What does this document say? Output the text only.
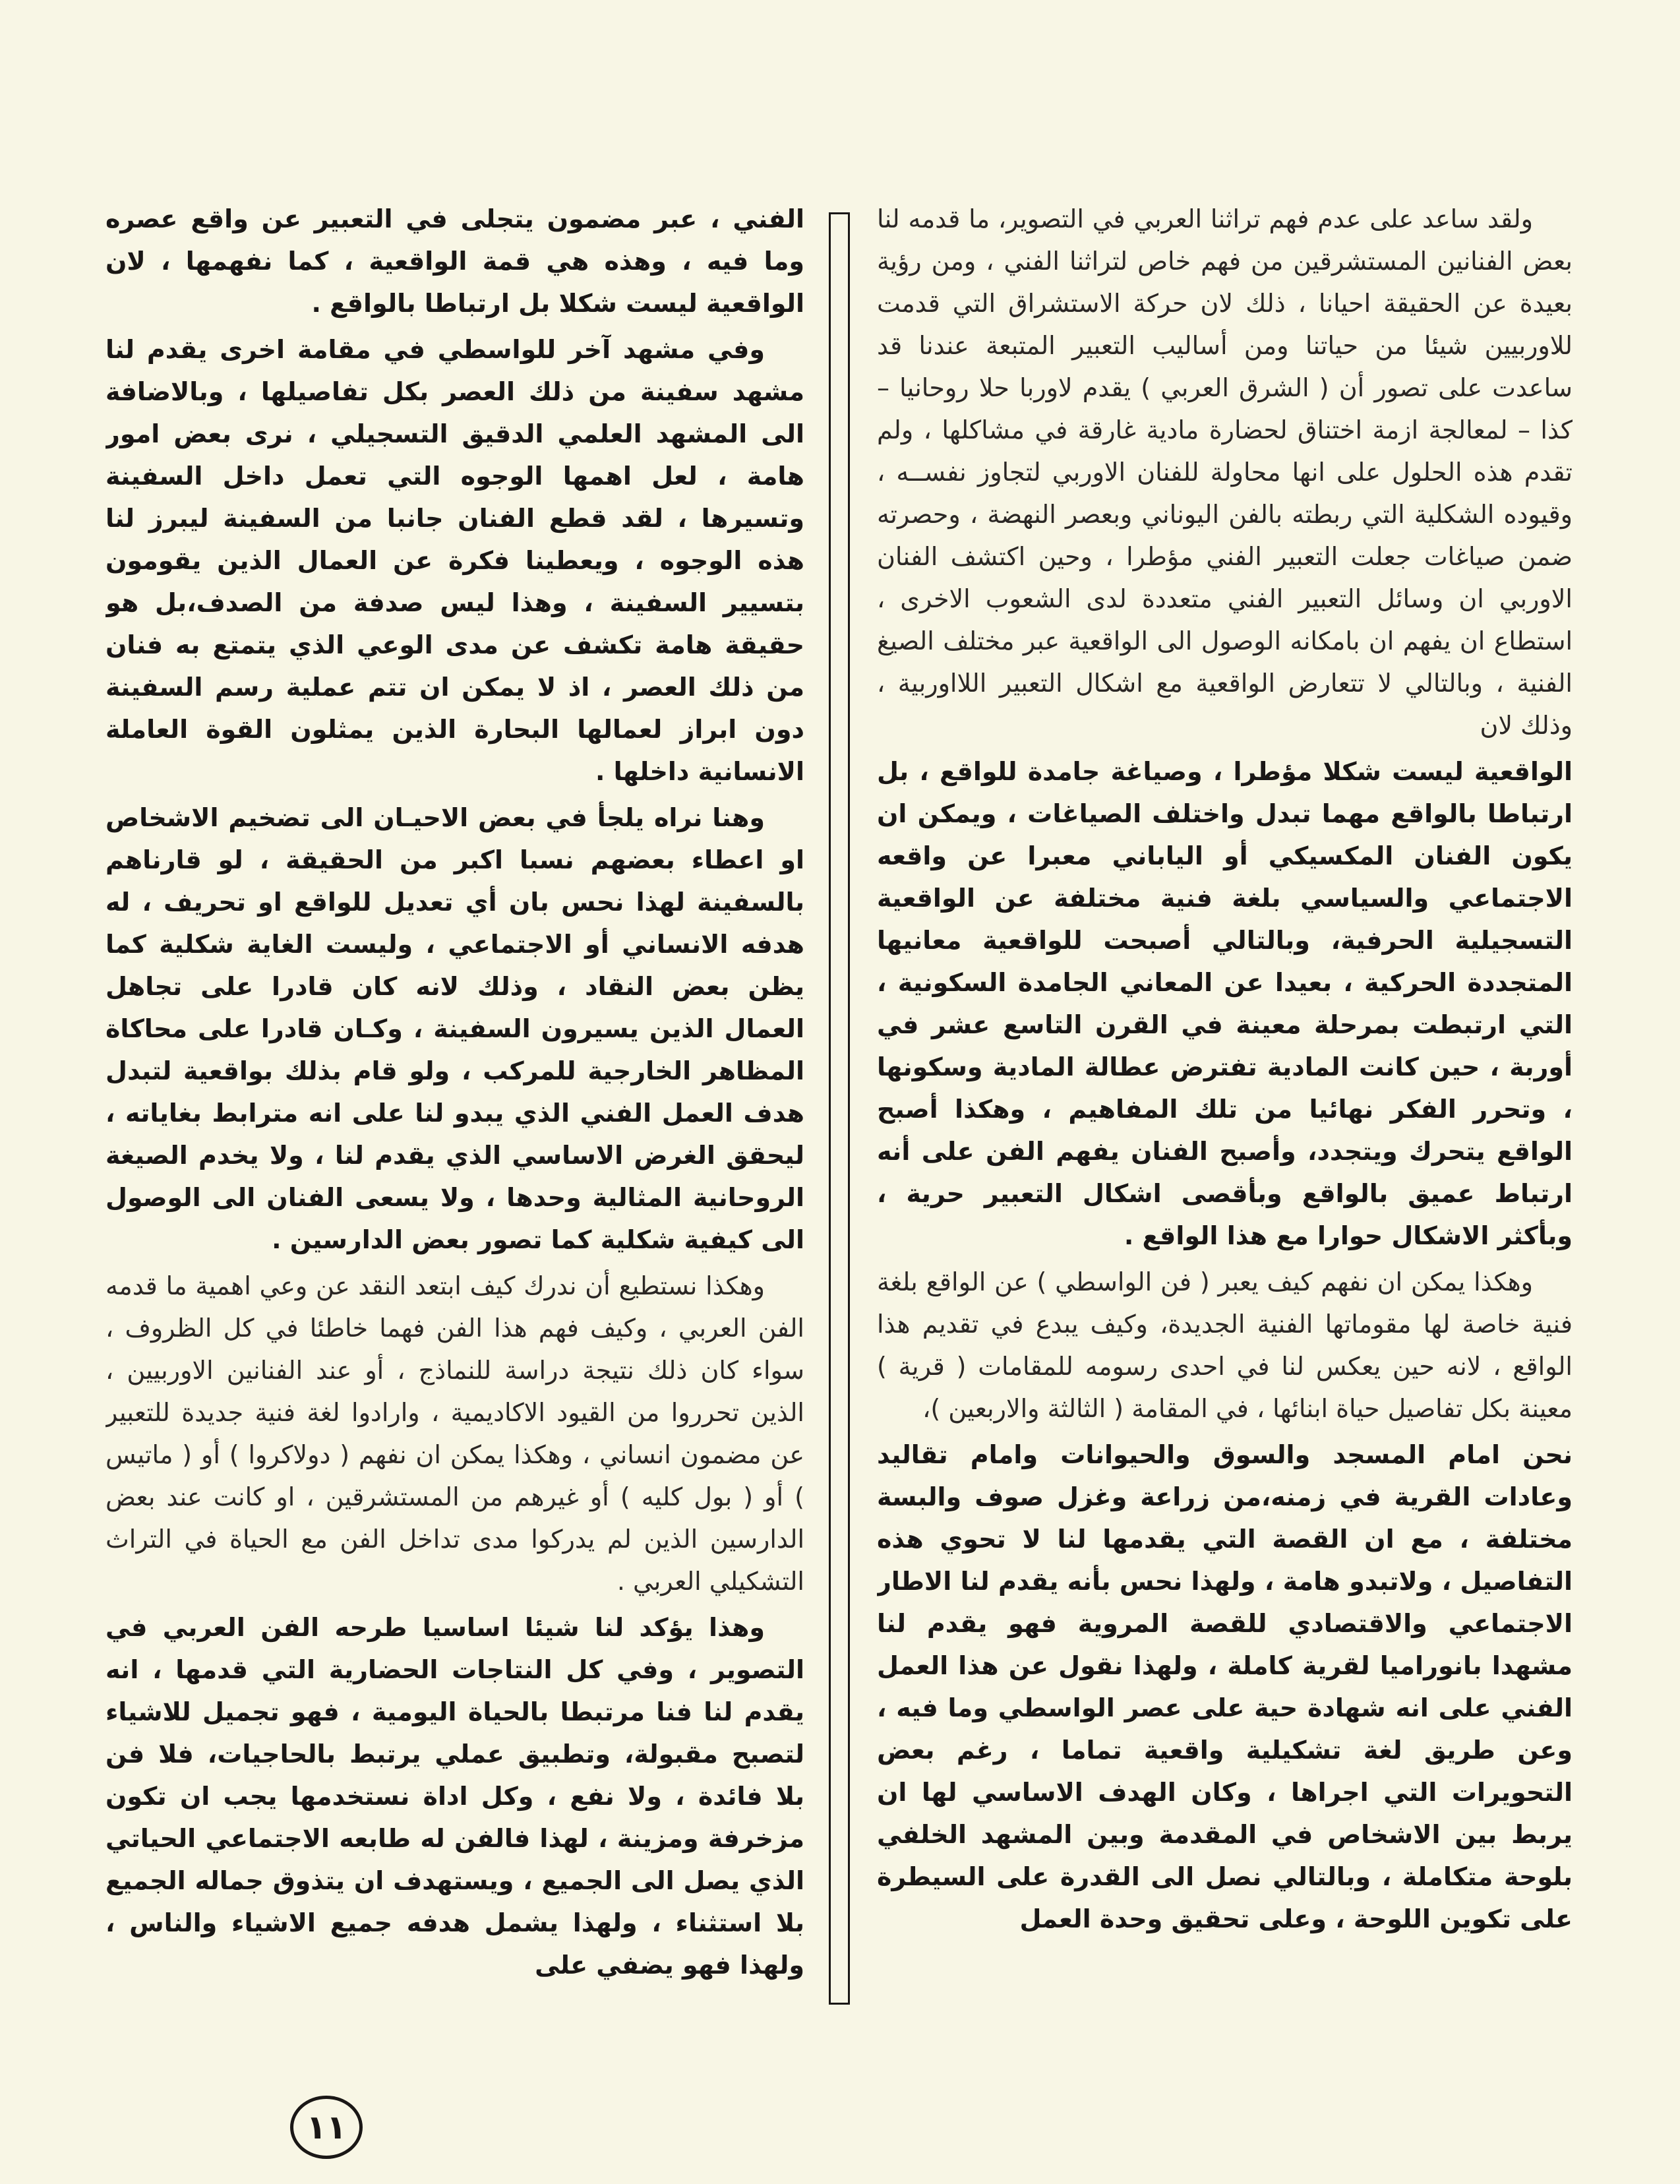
ولقد ساعد على عدم فهم تراثنا العربي في التصوير، ما قدمه لنا بعض الفنانين المستشرقين من فهم خاص لتراثنا الفني ، ومن رؤية بعيدة عن الحقيقة احيانا ، ذلك لان حركة الاستشراق التي قدمت للاوربيين شيئا من حياتنا ومن أساليب التعبير المتبعة عندنا قد ساعدت على تصور أن ( الشرق العربي ) يقدم لاوربا حلا روحانيا – كذا – لمعالجة ازمة اختناق لحضارة مادية غارقة في مشاكلها ، ولم تقدم هذه الحلول على انها محاولة للفنان الاوربي لتجاوز نفســه ، وقيوده الشكلية التي ربطته بالفن اليوناني وبعصر النهضة ، وحصرته ضمن صياغات جعلت التعبير الفني مؤطرا ، وحين اكتشف الفنان الاوربي ان وسائل التعبير الفني متعددة لدى الشعوب الاخرى ، استطاع ان يفهم ان بامكانه الوصول الى الواقعية عبر مختلف الصيغ الفنية ، وبالتالي لا تتعارض الواقعية مع اشكال التعبير اللااوربية ، وذلك لان

الواقعية ليست شكلا مؤطرا ، وصياغة جامدة للواقع ، بل ارتباطا بالواقع مهما تبدل واختلف الصياغات ، ويمكن ان يكون الفنان المكسيكي أو الياباني معبرا عن واقعه الاجتماعي والسياسي بلغة فنية مختلفة عن الواقعية التسجيلية الحرفية، وبالتالي أصبحت للواقعية معانيها المتجددة الحركية ، بعيدا عن المعاني الجامدة السكونية ، التي ارتبطت بمرحلة معينة في القرن التاسع عشر في أوربة ، حين كانت المادية تفترض عطالة المادية وسكونها ، وتحرر الفكر نهائيا من تلك المفاهيم ، وهكذا أصبح الواقع يتحرك ويتجدد، وأصبح الفنان يفهم الفن على أنه ارتباط عميق بالواقع وبأقصى اشكال التعبير حرية ، وبأكثر الاشكال حوارا مع هذا الواقع .

وهكذا يمكن ان نفهم كيف يعبر ( فن الواسطي ) عن الواقع بلغة فنية خاصة لها مقوماتها الفنية الجديدة، وكيف يبدع في تقديم هذا الواقع ، لانه حين يعكس لنا في احدى رسومه للمقامات ( قرية ) معينة بكل تفاصيل حياة ابنائها ، في المقامة ( الثالثة والاربعين )،

نحن امام المسجد والسوق والحيوانات وامام تقاليد وعادات القرية في زمنه،من زراعة وغزل صوف والبسة مختلفة ، مع ان القصة التي يقدمها لنا لا تحوي هذه التفاصيل ، ولاتبدو هامة ، ولهذا نحس بأنه يقدم لنا الاطار الاجتماعي والاقتصادي للقصة المروية فهو يقدم لنا مشهدا بانوراميا لقرية كاملة ، ولهذا نقول عن هذا العمل الفني على انه شهادة حية على عصر الواسطي وما فيه ، وعن طريق لغة تشكيلية واقعية تماما ، رغم بعض التحويرات التي اجراها ، وكان الهدف الاساسي لها ان يربط بين الاشخاص في المقدمة وبين المشهد الخلفي بلوحة متكاملة ، وبالتالي نصل الى القدرة على السيطرة على تكوين اللوحة ، وعلى تحقيق وحدة العمل

الفني ، عبر مضمون يتجلى في التعبير عن واقع عصره وما فيه ، وهذه هي قمة الواقعية ، كما نفهمها ، لان الواقعية ليست شكلا بل ارتباطا بالواقع .

وفي مشهد آخر للواسطي في مقامة اخرى يقدم لنا مشهد سفينة من ذلك العصر بكل تفاصيلها ، وبالاضافة الى المشهد العلمي الدقيق التسجيلي ، نرى بعض امور هامة ، لعل اهمها الوجوه التي تعمل داخل السفينة وتسيرها ، لقد قطع الفنان جانبا من السفينة ليبرز لنا هذه الوجوه ، ويعطينا فكرة عن العمال الذين يقومون بتسيير السفينة ، وهذا ليس صدفة من الصدف،بل هو حقيقة هامة تكشف عن مدى الوعي الذي يتمتع به فنان من ذلك العصر ، اذ لا يمكن ان تتم عملية رسم السفينة دون ابراز لعمالها البحارة الذين يمثلون القوة العاملة الانسانية داخلها .

وهنا نراه يلجأ في بعض الاحيـان الى تضخيم الاشخاص او اعطاء بعضهم نسبا اكبر من الحقيقة ، لو قارناهم بالسفينة لهذا نحس بان أي تعديل للواقع او تحريف ، له هدفه الانساني أو الاجتماعي ، وليست الغاية شكلية كما يظن بعض النقاد ، وذلك لانه كان قادرا على تجاهل العمال الذين يسيرون السفينة ، وكـان قادرا على محاكاة المظاهر الخارجية للمركب ، ولو قام بذلك بواقعية لتبدل هدف العمل الفني الذي يبدو لنا على انه مترابط بغاياته ، ليحقق الغرض الاساسي الذي يقدم لنا ، ولا يخدم الصيغة الروحانية المثالية وحدها ، ولا يسعى الفنان الى الوصول الى كيفية شكلية كما تصور بعض الدارسين .

وهكذا نستطيع أن ندرك كيف ابتعد النقد عن وعي اهمية ما قدمه الفن العربي ، وكيف فهم هذا الفن فهما خاطئا في كل الظروف ، سواء كان ذلك نتيجة دراسة للنماذج ، أو عند الفنانين الاوربيين ، الذين تحرروا من القيود الاكاديمية ، وارادوا لغة فنية جديدة للتعبير عن مضمون انساني ، وهكذا يمكن ان نفهم ( دولاكروا ) أو ( ماتيس ) أو ( بول كليه ) أو غيرهم من المستشرقين ، او كانت عند بعض الدارسين الذين لم يدركوا مدى تداخل الفن مع الحياة في التراث التشكيلي العربي .

وهذا يؤكد لنا شيئا اساسيا طرحه الفن العربي في التصوير ، وفي كل النتاجات الحضارية التي قدمها ، انه يقدم لنا فنا مرتبطا بالحياة اليومية ، فهو تجميل للاشياء لتصبح مقبولة، وتطبيق عملي يرتبط بالحاجيات، فلا فن بلا فائدة ، ولا نفع ، وكل اداة نستخدمها يجب ان تكون مزخرفة ومزينة ، لهذا فالفن له طابعه الاجتماعي الحياتي الذي يصل الى الجميع ، ويستهدف ان يتذوق جماله الجميع بلا استثناء ، ولهذا يشمل هدفه جميع الاشياء والناس ، ولهذا فهو يضفي على

١١
